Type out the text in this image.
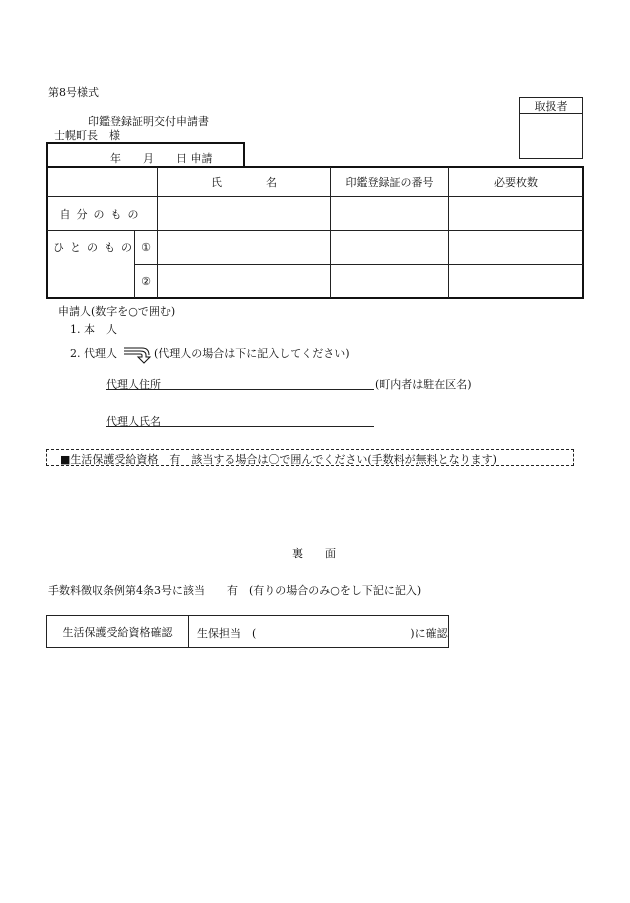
第8号様式
印鑑登録証明交付申請書
士幌町長　様
取扱者
年　　月　　日 申請
氏　　　　名	印鑑登録証の番号	必要枚数
自分のもの
ひとのもの ①
②
申請人(数字を○で囲む)
1. 本　人
2. 代理人	(代理人の場合は下に記入してください)
代理人住所	(町内者は駐在区名)
代理人氏名
■生活保護受給資格　有　該当する場合は〇で囲んでください(手数料が無料となります)
裏　　面
手数料徴収条例第4条3号に該当　　有　(有りの場合のみ○をし下記に記入)
生活保護受給資格確認 生保担当　(　　　　　　　　　　　　　　)に確認
